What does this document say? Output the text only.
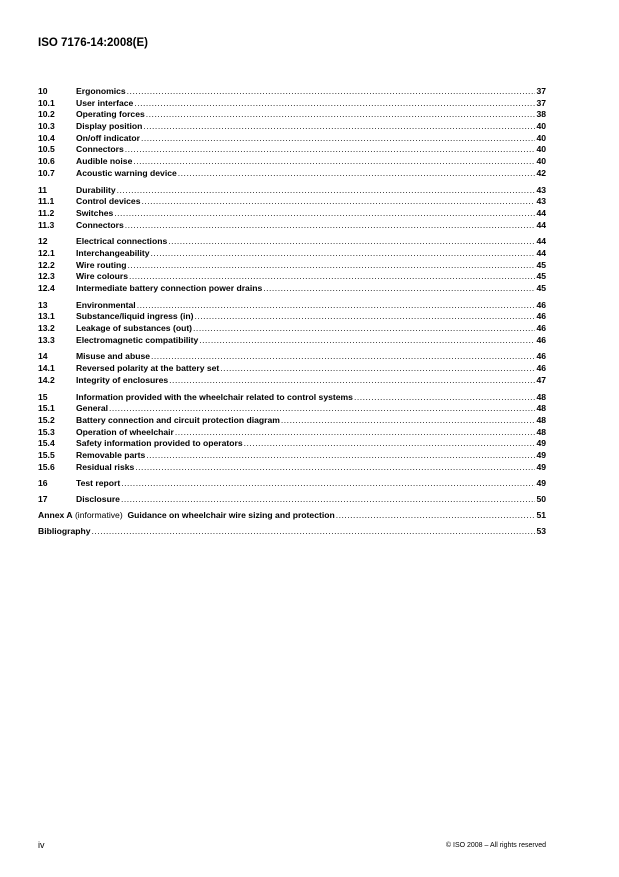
ISO 7176-14:2008(E)
10	Ergonomics .....	37
10.1	User interface .....	37
10.2	Operating forces .....	38
10.3	Display position .....	40
10.4	On/off indicator .....	40
10.5	Connectors .....	40
10.6	Audible noise .....	40
10.7	Acoustic warning device .....	42
11	Durability .....	43
11.1	Control devices .....	43
11.2	Switches .....	44
11.3	Connectors .....	44
12	Electrical connections .....	44
12.1	Interchangeability .....	44
12.2	Wire routing .....	45
12.3	Wire colours .....	45
12.4	Intermediate battery connection power drains .....	45
13	Environmental .....	46
13.1	Substance/liquid ingress (in) .....	46
13.2	Leakage of substances (out) .....	46
13.3	Electromagnetic compatibility .....	46
14	Misuse and abuse .....	46
14.1	Reversed polarity at the battery set .....	46
14.2	Integrity of enclosures .....	47
15	Information provided with the wheelchair related to control systems .....	48
15.1	General .....	48
15.2	Battery connection and circuit protection diagram .....	48
15.3	Operation of wheelchair .....	48
15.4	Safety information provided to operators .....	49
15.5	Removable parts .....	49
15.6	Residual risks .....	49
16	Test report .....	49
17	Disclosure .....	50
Annex A
(informative)
Guidance on wheelchair wire sizing and protection .....	51
Bibliography .....	53
iv	© ISO 2008 – All rights reserved
